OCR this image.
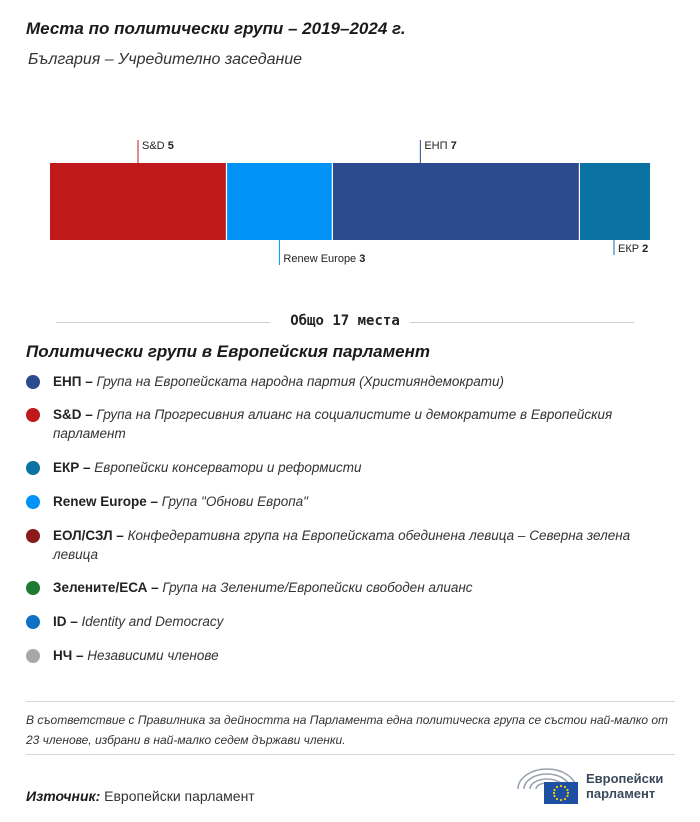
Места по политически групи – 2019–2024 г.
България – Учредително заседание
S&D 5
Renew Europe 3
ЕНП 7
ЕКР 2
Общо 17 места
Политически групи в Европейския парламент
ЕНП – Група на Европейската народна партия (Християндемократи)
S&D – Група на Прогресивния алианс на социалистите и демократите в Европейския парламент
ЕКР – Европейски консерватори и реформисти
Renew Europe – Група "Обнови Европа"
ЕОЛ/СЗЛ – Конфедеративна група на Европейската обединена левица – Северна зелена левица
Зелените/ЕСА – Група на Зелените/Европейски свободен алианс
ID – Identity and Democracy
НЧ – Независими членове
В съответствие с Правилника за дейността на Парламента една политическа група се състои най-малко от 23 членове, избрани в най-малко седем държави членки.
Източник: Европейски парламент
Европейски
парламент
